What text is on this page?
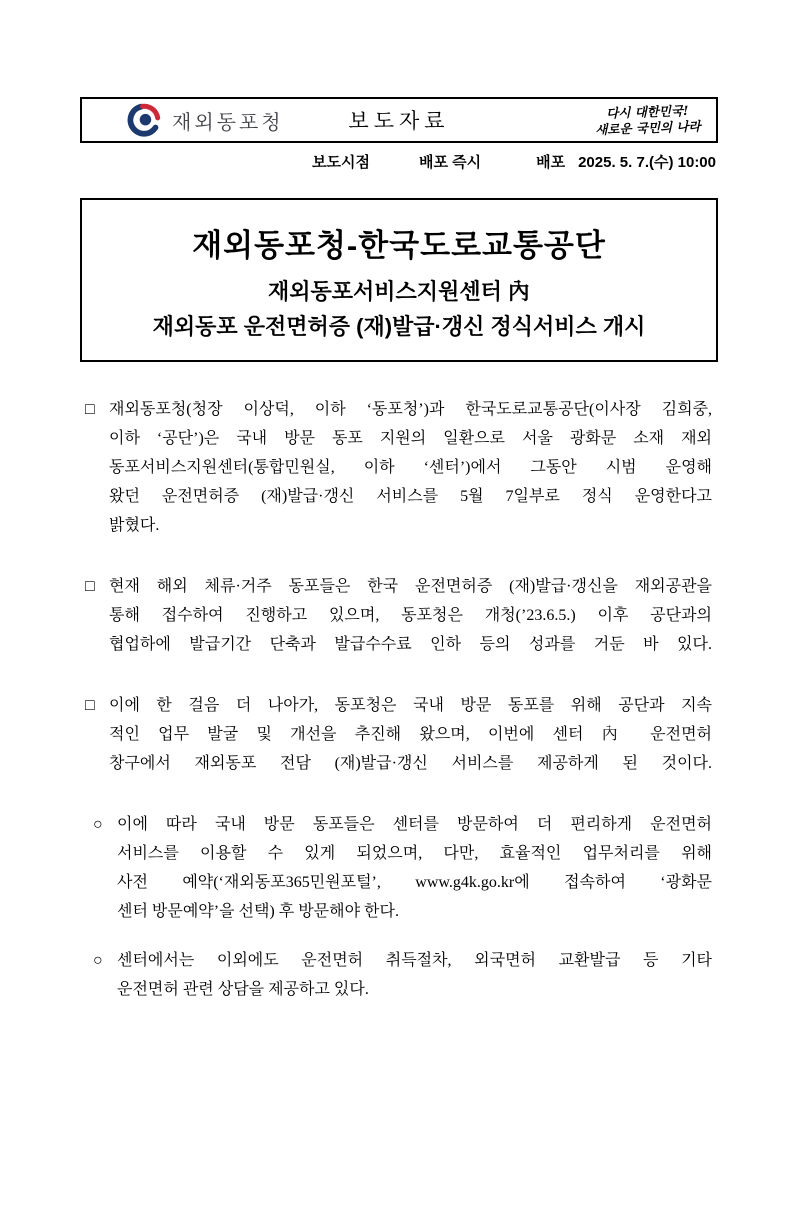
재외동포청	보도자료	다시 대한민국!
새로운 국민의 나라
보도시점	배포 즉시	배포 2025. 5. 7.(수) 10:00
재외동포청-한국도로교통공단
재외동포서비스지원센터 內
재외동포 운전면허증 (재)발급·갱신 정식서비스 개시
□ 재외동포청(청장 이상덕, 이하 ‘동포청’)과 한국도로교통공단(이사장 김희중,
이하 ‘공단’)은 국내 방문 동포 지원의 일환으로 서울 광화문 소재 재외
동포서비스지원센터(통합민원실, 이하 ‘센터’)에서 그동안 시범 운영해
왔던 운전면허증 (재)발급·갱신 서비스를 5월 7일부로 정식 운영한다고
밝혔다.
□ 현재 해외 체류·거주 동포들은 한국 운전면허증 (재)발급·갱신을 재외공관을
통해 접수하여 진행하고 있으며, 동포청은 개청(’23.6.5.) 이후 공단과의
협업하에 발급기간 단축과 발급수수료 인하 등의 성과를 거둔 바 있다.
□ 이에 한 걸음 더 나아가, 동포청은 국내 방문 동포를 위해 공단과 지속
적인 업무 발굴 및 개선을 추진해 왔으며, 이번에 센터 內 운전면허
창구에서 재외동포 전담 (재)발급·갱신 서비스를 제공하게 된 것이다.
○ 이에 따라 국내 방문 동포들은 센터를 방문하여 더 편리하게 운전면허
서비스를 이용할 수 있게 되었으며, 다만, 효율적인 업무처리를 위해
사전 예약(‘재외동포365민원포털’, www.g4k.go.kr에 접속하여 ‘광화문
센터 방문예약’을 선택) 후 방문해야 한다.
○ 센터에서는 이외에도 운전면허 취득절차, 외국면허 교환발급 등 기타
운전면허 관련 상담을 제공하고 있다.
